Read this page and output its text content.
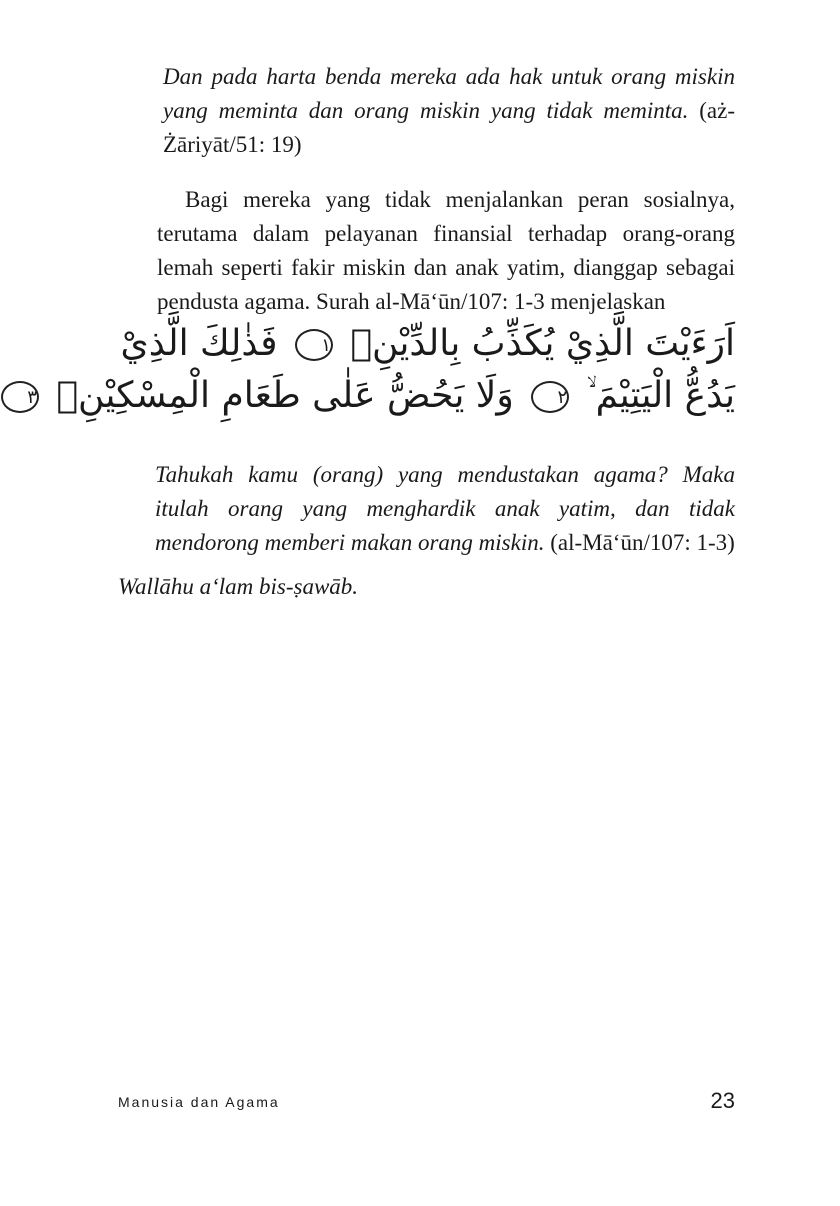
Dan pada harta benda mereka ada hak untuk orang miskin yang meminta dan orang miskin yang tidak meminta. (aż-Żāriyāt/51: 19)

Bagi mereka yang tidak menjalankan peran sosialnya, terutama dalam pelayanan finansial terhadap orang-orang lemah seperti fakir miskin dan anak yatim, dianggap sebagai pendusta agama. Surah al-Mā‘ūn/107: 1-3 menjelaskan

اَرَءَيْتَ الَّذِيْ يُكَذِّبُ بِالدِّيْنِۗ ١ فَذٰلِكَ الَّذِيْ
يَدُعُّ الْيَتِيْمَ ۙ ٢ وَلَا يَحُضُّ عَلٰى طَعَامِ الْمِسْكِيْنِۗ ٣

Tahukah kamu (orang) yang mendustakan agama? Maka itulah orang yang menghardik anak yatim, dan tidak mendorong memberi makan orang miskin. (al-Mā‘ūn/107: 1-3)

Wallāhu a‘lam bis-ṣawāb.

Manusia dan Agama	23
